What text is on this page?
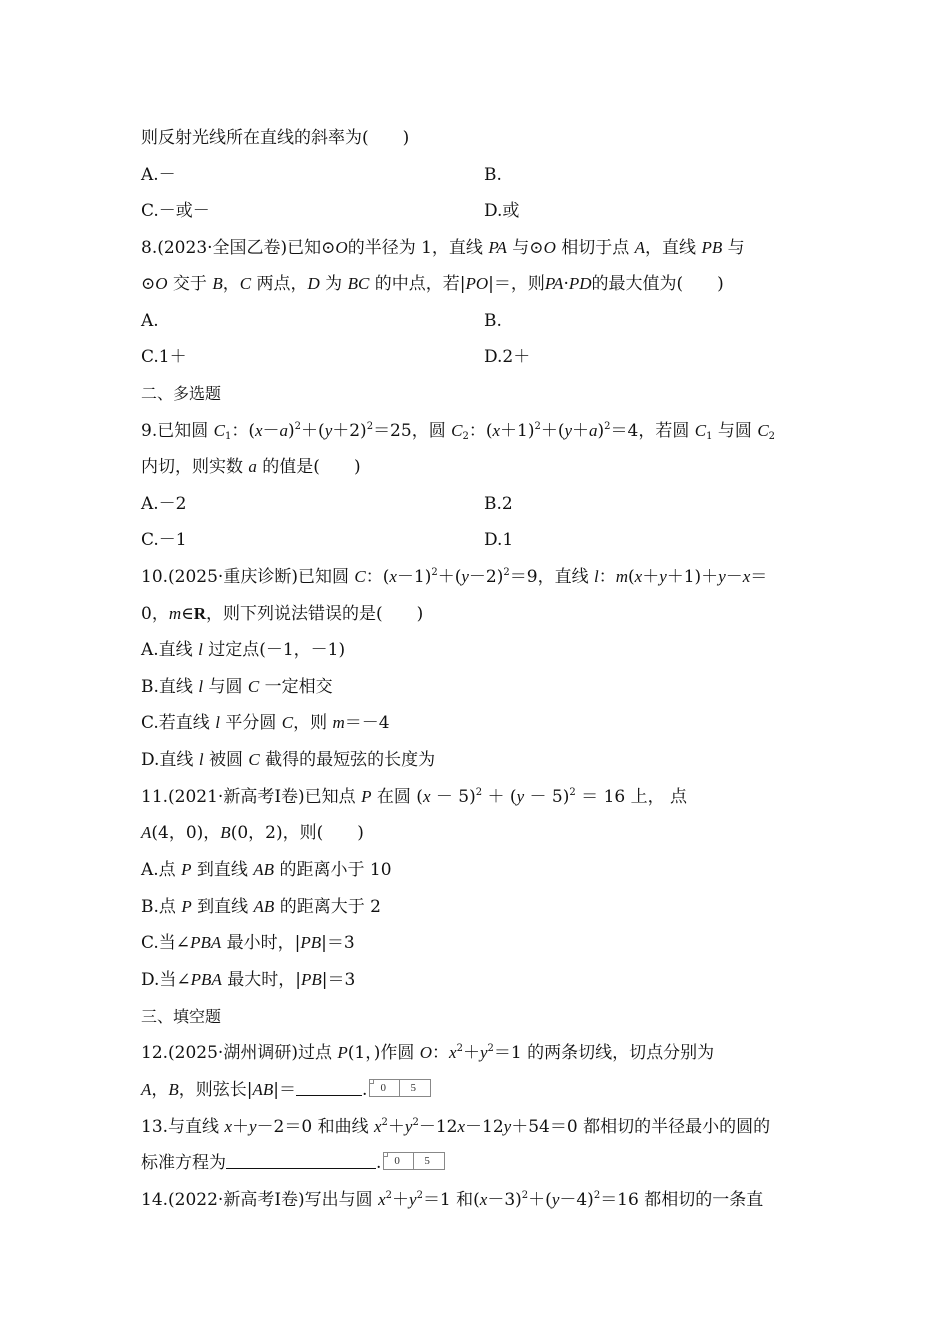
则反射光线所在直线的斜率为(　　)
A.－	B.
C.－或－	D.或
8.(2023·全国乙卷)已知⊙O的半径为 1，直线 PA 与⊙O 相切于点 A，直线 PB 与
⊙O 交于 B，C 两点，D 为 BC 的中点，若|PO|＝，则PA·PD的最大值为(　　)
A.	B.
C.1＋	D.2＋
二、多选题
9.已知圆 $C_1$：$(x-a)^2+(y+2)^2=25$，圆 $C_2$：$(x+1)^2+(y+a)^2=4$，若圆 $C_1$ 与圆 $C_2$
内切，则实数 a 的值是(　　)
A.－2	B.2
C.－1	D.1
10.(2025·重庆诊断)已知圆 C：$(x-1)^2+(y-2)^2=9$，直线 l：m(x＋y＋1)＋y－x＝
0，m∈R，则下列说法错误的是(　　)
A.直线 l 过定点(－1，－1)
B.直线 l 与圆 C 一定相交
C.若直线 l 平分圆 C，则 m＝－4
D.直线 l 被圆 C 截得的最短弦的长度为
11.(2021·新高考Ⅰ卷)已知点 P 在圆 $(x - 5)^2 + (y - 5)^2 = 16$ 上， 点
A(4，0)，B(0，2)，则(　　)
A.点 P 到直线 AB 的距离小于 10
B.点 P 到直线 AB 的距离大于 2
C.当∠PBA 最小时，|PB|＝3
D.当∠PBA 最大时，|PB|＝3
三、填空题
12.(2025·湖州调研)过点 P(1，)作圆 O：$x^2+y^2=1$ 的两条切线，切点分别为
A，B，则弦长|AB|＝	. 0 5
13.与直线 x＋y－2＝0 和曲线 $x^2+y^2-12x-12y+54=0$ 都相切的半径最小的圆的
标准方程为	. 0 5
14.(2022·新高考Ⅰ卷)写出与圆 $x^2+y^2=1$ 和$(x-3)^2+(y-4)^2=16$ 都相切的一条直
